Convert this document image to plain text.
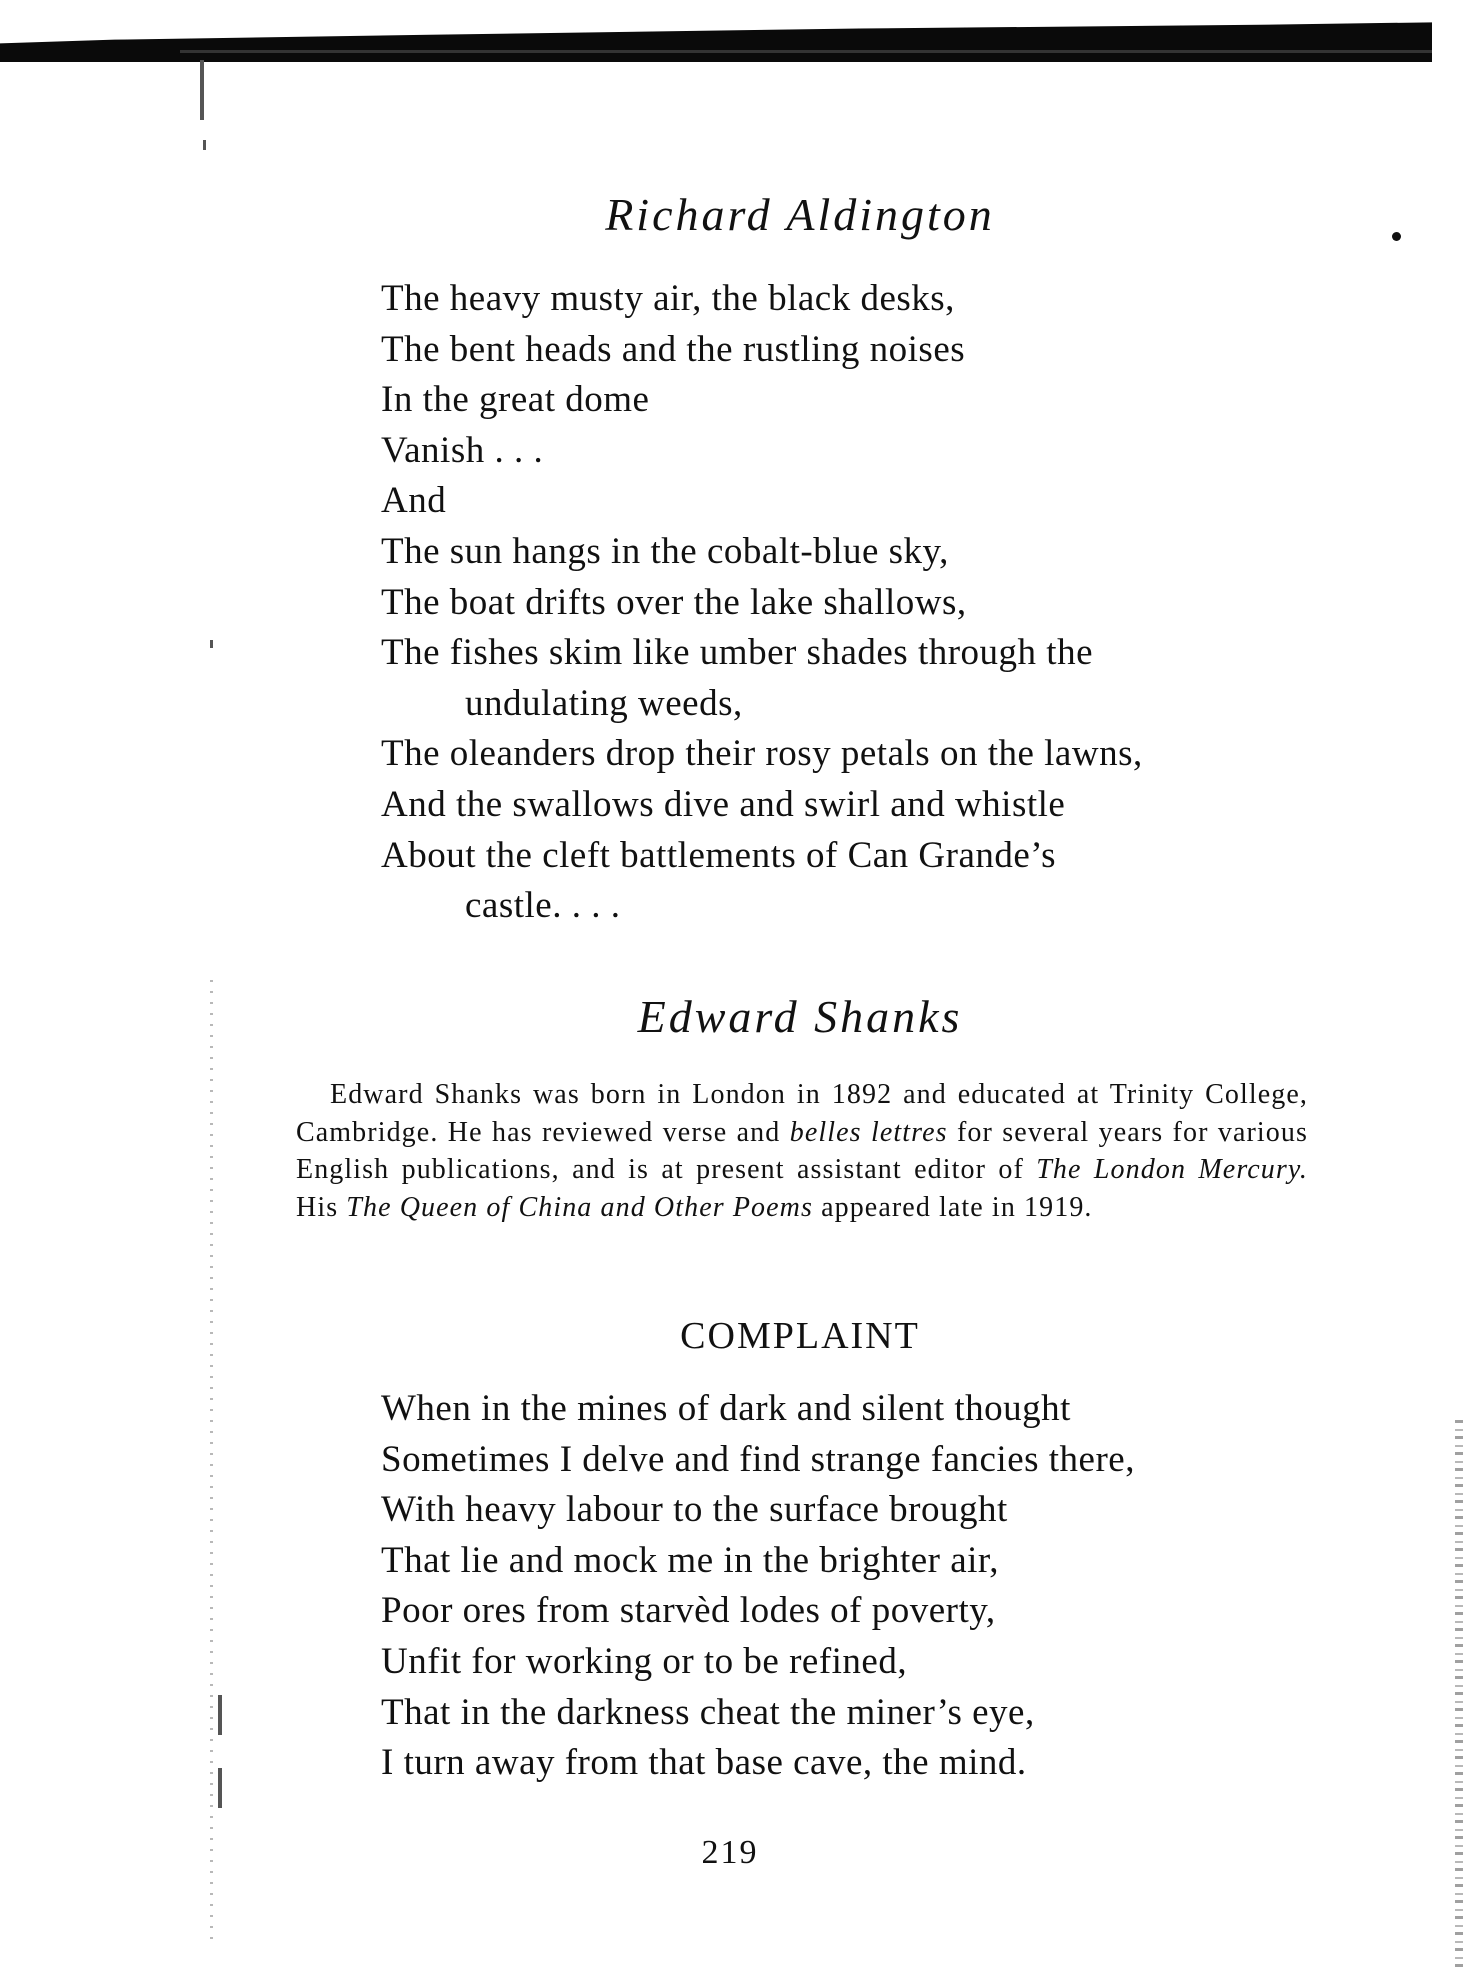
Richard Aldington
The heavy musty air, the black desks,
The bent heads and the rustling noises
In the great dome
Vanish . . .
And
The sun hangs in the cobalt-blue sky,
The boat drifts over the lake shallows,
The fishes skim like umber shades through the
undulating weeds,
The oleanders drop their rosy petals on the lawns,
And the swallows dive and swirl and whistle
About the cleft battlements of Can Grande’s
castle. . . .
Edward Shanks

Edward Shanks was born in London in 1892 and educated at Trinity College, Cambridge. He has reviewed verse and belles lettres for several years for various English publications, and is at present assistant editor of The London Mercury. His The Queen of China and Other Poems appeared late in 1919.

COMPLAINT
When in the mines of dark and silent thought
Sometimes I delve and find strange fancies there,
With heavy labour to the surface brought
That lie and mock me in the brighter air,
Poor ores from starvèd lodes of poverty,
Unfit for working or to be refined,
That in the darkness cheat the miner’s eye,
I turn away from that base cave, the mind.
219
